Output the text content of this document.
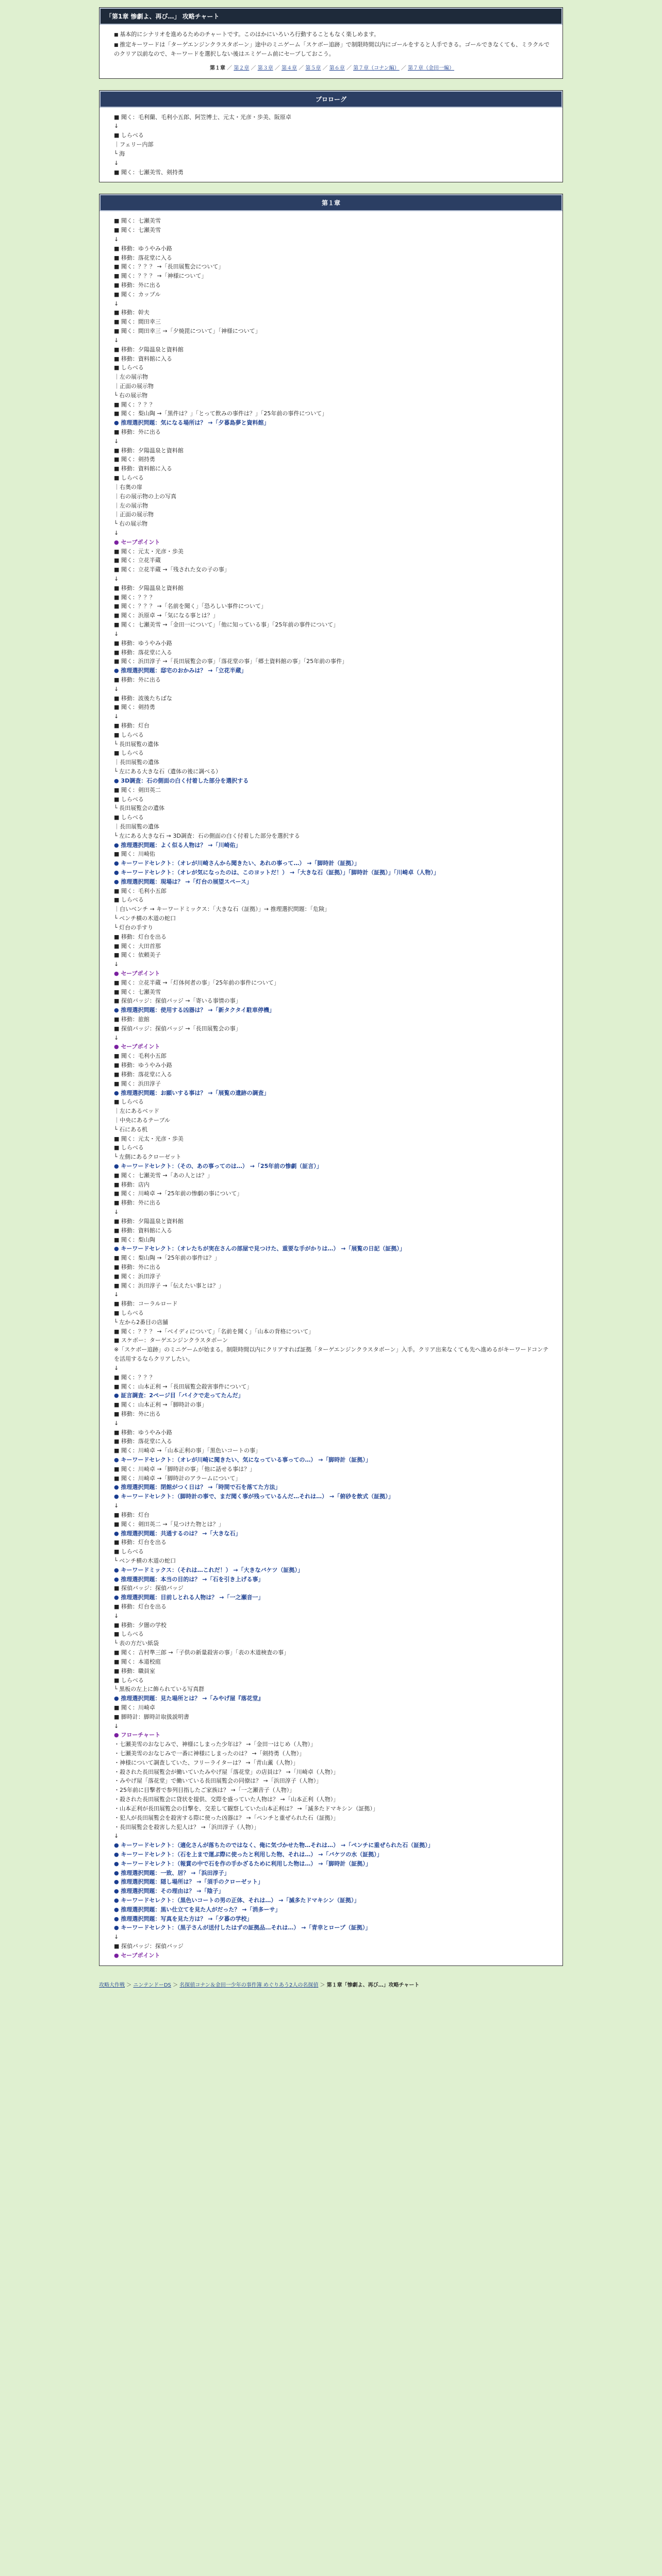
「第1章 惨劇よ、再び…」 攻略チャート
■ 基本的にシナリオを進めるためのチャートです。このはかにいろいろ行動することもなく楽しめます。
■ 推定キーワードは「ターゲエンジンクラスタボーン」途中のミニゲーム「スケボー追跡」で制限時間以内にゴールをすると人手できる。ゴールできなくても、ミラクルでのクリア以前なので、キーワードを選択しない後はエミゲーム前にセーブしておこう。
第１章 ／ 第２章 ／ 第３章 ／ 第４章 ／ 第５章 ／ 第６章 ／ 第７章（コナン編） ／ 第７章（金田一編）
プロローグ
■ 聞く：毛利蘭、毛利小五郎、阿笠博士、元太・光彦・歩美、阪原卓
↓
■ しらべる
｜フェリー内部
└ 海
↓
■ 聞く：七瀬美雪、剣持勇
第１章
■ 聞く：七瀬美雪
■ 聞く：七瀬美雪
↓
■ 移動：ゆうやみ小路
■ 移動：落花堂に入る
■ 聞く：？？？ →「長田展覧会について」
■ 聞く：？？？ →「神様について」
■ 移動：外に出る
■ 聞く：カップル
↓
■ 移動：幹夫
■ 聞く：間田幸三
■ 聞く：間田幸三 →「夕焼毘について」「神様について」
↓
■ 移動：夕陽温泉と資料館
■ 移動：資料館に入る
■ しらべる
｜左の展示物
｜正面の展示物
└ 右の展示物
■ 聞く：？？？
■ 聞く：梨山陶 →「黒件は？」「とって飲みの事件は？」「25年前の事件について」
● 推理選択問題：気になる場所は？ →「夕暮島夢と資料館」
■ 移動：外に出る
↓
■ 移動：夕陽温泉と資料館
■ 聞く：剣持勇
■ 移動：資料館に入る
■ しらべる
｜右奥の扉
｜右の展示物の上の写真
｜左の展示物
｜正面の展示物
└ 右の展示物
↓
● セーブポイント
■ 聞く：元太・光彦・歩美
■ 聞く：立花半蔵
■ 聞く：立花半蔵 →「残された女の子の事」
↓
■ 移動：夕陽温泉と資料館
■ 聞く：？？？
■ 聞く：？？？ →「名前を聞く」「恐ろしい事件について」
■ 聞く：浜原卓 →「気になる事とは？」
■ 聞く：七瀬美雪 →「金田一について」「他に知っている事」「25年前の事件について」
↓
■ 移動：ゆうやみ小路
■ 移動：落花堂に入る
■ 聞く：浜田淳子 →「長田展覧会の事」「落花堂の事」「郷土資料館の事」「25年前の事件」
● 推理選択問題：邸宅のおかみは？ →「立花半蔵」
■ 移動：外に出る
↓
■ 移動：波後たちばな
■ 聞く：剣持勇
↓
■ 移動：灯台
■ しらべる
└ 長田展覧の遺体
■ しらべる
｜長田展覧の遺体
└ 左にある大きな石（遺体の後に調べる）
● 3D調査：石の側面の白く付着した部分を選択する
■ 聞く：剣田英二
■ しらべる
└ 長田展覧会の遺体
■ しらべる
｜長田展覧の遺体
└ 左にある大きな石 → 3D調査：石の側面の白く付着した部分を選択する
● 推理選択問題：よく似る人物は？ →「川崎佑」
■ 聞く：川崎佑
● キーワードセレクト：（オレが川崎さんから聞きたい、あれの事って…） →「脚時計（証拠）」
● キーワードセレクト：（オレが気になったのは、このヨットだ！） →「大きな石（証拠）」「脚時計（証拠）」「川崎卓（人物）」
● 推理選択問題：現場は？ →「灯台の展望スペース」
■ 聞く：毛利小五郎
■ しらべる
｜白いベンチ → キーワードミックス：「大きな石（証拠）」→ 推理選択問題：「危険」
└ ベンチ横の木道の蛇口
└ 灯台の手すり
■ 移動：灯台を出る
■ 聞く：大田首那
■ 聞く：依頼美子
↓
● セーブポイント
■ 聞く：立花半蔵 →「灯体何者の事」「25年前の事件について」
■ 聞く：七瀬美雪
■ 探偵バッジ：探偵バッジ →「寄いる事情の事」
● 推理選択問題：使用する凶器は？ →「新タクタイ駐車停機」
■ 移動：旅館
■ 探偵バッジ：探偵バッジ →「長田展覧会の事」
↓
● セーブポイント
■ 聞く：毛利小五郎
■ 移動：ゆうやみ小路
■ 移動：落花堂に入る
■ 聞く：浜田淳子
● 推理選択問題：お願いする事は？ →「展覧の遺跡の調査」
■ しらべる
｜左にあるベッド
｜中央にあるテーブル
└ 石にある机
■ 聞く：元太・光彦・歩美
■ しらべる
└ 左側にあるクローゼット
● キーワードセレクト：（その、あの事ってのは…） →「25年前の惨劇（証言）」
■ 聞く：七瀬美雪 →「あの人とは？」
■ 移動：店内
■ 聞く：川崎卓 →「25年前の惨劇の事について」
■ 移動：外に出る
↓
■ 移動：夕陽温泉と資料館
■ 移動：資料館に入る
■ 聞く：梨山陶
● キーワードセレクト：（オレたちが実在さんの部屋で見つけた、重要な手がかりは…） →「展覧の日記（証拠）」
■ 聞く：梨山陶 →「25年前の事件は？」
■ 移動：外に出る
■ 聞く：浜田淳子
■ 聞く：浜田淳子 →「伝えたい事とは？」
↓
■ 移動：コーラルロード
■ しらべる
└ 左から2番目の店舗
■ 聞く：？？？ →「ベイディについて」「名前を聞く」「山本の背格について」
■ スケボー：ターゲエンジンクラスタボーン
※「スケボー追跡」のミニゲームが始まる。制限時間以内にクリアすれば証拠「ターゲエンジンクラスタボーン」入手。クリア出来なくても先へ進めるがキーワードコンテを活用するならクリアしたい。
↓
■ 聞く：？？？
■ 聞く：山本正利 →「長田展覧会殺害事件について」
● 証言調査：2ページ目「バイクで走ってたんだ」
■ 聞く：山本正利 →「脚時計の事」
■ 移動：外に出る
↓
■ 移動：ゆうやみ小路
■ 移動：落花堂に入る
■ 聞く：川崎卓 →「山本正利の事」「黒色いコートの事」
● キーワードセレクト：（オレが川崎に聞きたい、気になっている事っての…） →「脚時計（証拠）」
■ 聞く：川崎卓 →「脚時計の事」「他に話せる事は？」
■ 聞く：川崎卓 →「脚時計のアラームについて」
● 推理選択問題：閉館がつく日は？ →「時間で石を落てた方法」
● キーワードセレクト：（脚時計の事で、まだ聞く事が残っているんだ…それは…） →「俯砂を飲式（証拠）」
↓
■ 移動：灯台
■ 聞く：剣田英二 →「見つけた物とは？」
● 推理選択問題：共通するのは？ →「大きな石」
■ 移動：灯台を出る
■ しらべる
└ ベンチ横の木道の蛇口
● キーワードミックス：（それは…これだ！） →「大きなバケツ（証拠）」
● 推理選択問題：本当の目的は？ →「石を引き上げる事」
■ 探偵バッジ：探偵バッジ
● 推理選択問題：目前しとれる人物は？ →「一之瀬音一」
■ 移動：灯台を出る
↓
■ 移動：夕闇の学校
■ しらべる
└ 表の方だい紙袋
■ 聞く：吉村準三郎 →「子供の新量殺害の事」「表の木道検査の事」
■ 聞く：本道校庭
■ 移動：職員室
■ しらべる
└ 黒板の左上に飾られている写真群
● 推理選択問題：見た場所とは？ →「みやげ屋『落花堂』
■ 聞く：川崎卓
■ 脚時計：脚時計取扱説明書
↓
● フローチャート
・七瀬美雪のおなじみで、神様にしまった少年は？ →「金田一はじめ（人物）」
・七瀬美雪のおなじみで一番に神様にしまったのは？ →「剣持勇（人物）」
・神様について調査していた、フリーライターは？ →「青山薫（人物）」
・殺された長田展覧会が働いていたみやげ屋「落花堂」の店員は？ →「川崎卓（人物）」
・みやげ屋「落花堂」で働いている長田展覧会の同僚は？ →「浜田淳子（人物）」
・25年前に目撃者で参列目指したご家族は？ →「一之瀬音子（人物）」
・殺された長田展覧会に貸状を提供、交際を盛っていた人物は？ →「山本正利（人物）」
・山本正利が長田展覧会の目撃を、交差して観察していた山本正利は？ →「滅多たドマキシン（証拠）」
・犯人が長田展覧会を殺害する際に使った凶器は？ →「ペンチと重ぜられた石（証拠）」
・長田展覧会を殺害した犯人は？ →「浜田淳子（人物）」
↓
● キーワードセレクト：（適化さんが落ちたのではなく、俺に気づかせた物…それは…） →「ペンチに重ぜられた石（証拠）」
● キーワードセレクト：（石を上まで運ぶ際に使ったと利用した物、それは…） →「バケツの水（証拠）」
● キーワードセレクト：（報賞の中で石を作の手かざるために利用した物は…） →「脚時計（証拠）」
● 推理選択問題：一致、居？ →「浜田淳子」
● 推理選択問題：隠し場所は？ →「須手のクローゼット」
● 推理選択問題：その理由は？ →「陰子」
● キーワードセレクト：（黒色いコートの男の正体、それは…） →「滅多たドマキシン（証拠）」
● 推理選択問題：黒い仕立てを見た人がだった？ →「消多ーサ」
● 推理選択問題：写真を見た方は？ →「夕暮の学校」
● キーワードセレクト：（黒子さんが送付したはずの証拠品…それは…） →「青幸とロープ（証拠）」
↓
■ 探偵バッジ：探偵バッジ
● セーブポイント
攻略大作戦 ＞ ニンテンドーDS ＞ 名探偵コナン＆金田一少年の事件簿 めぐりあう2人の名探偵 ＞ 第１章「惨劇よ、再び…」攻略チャート
